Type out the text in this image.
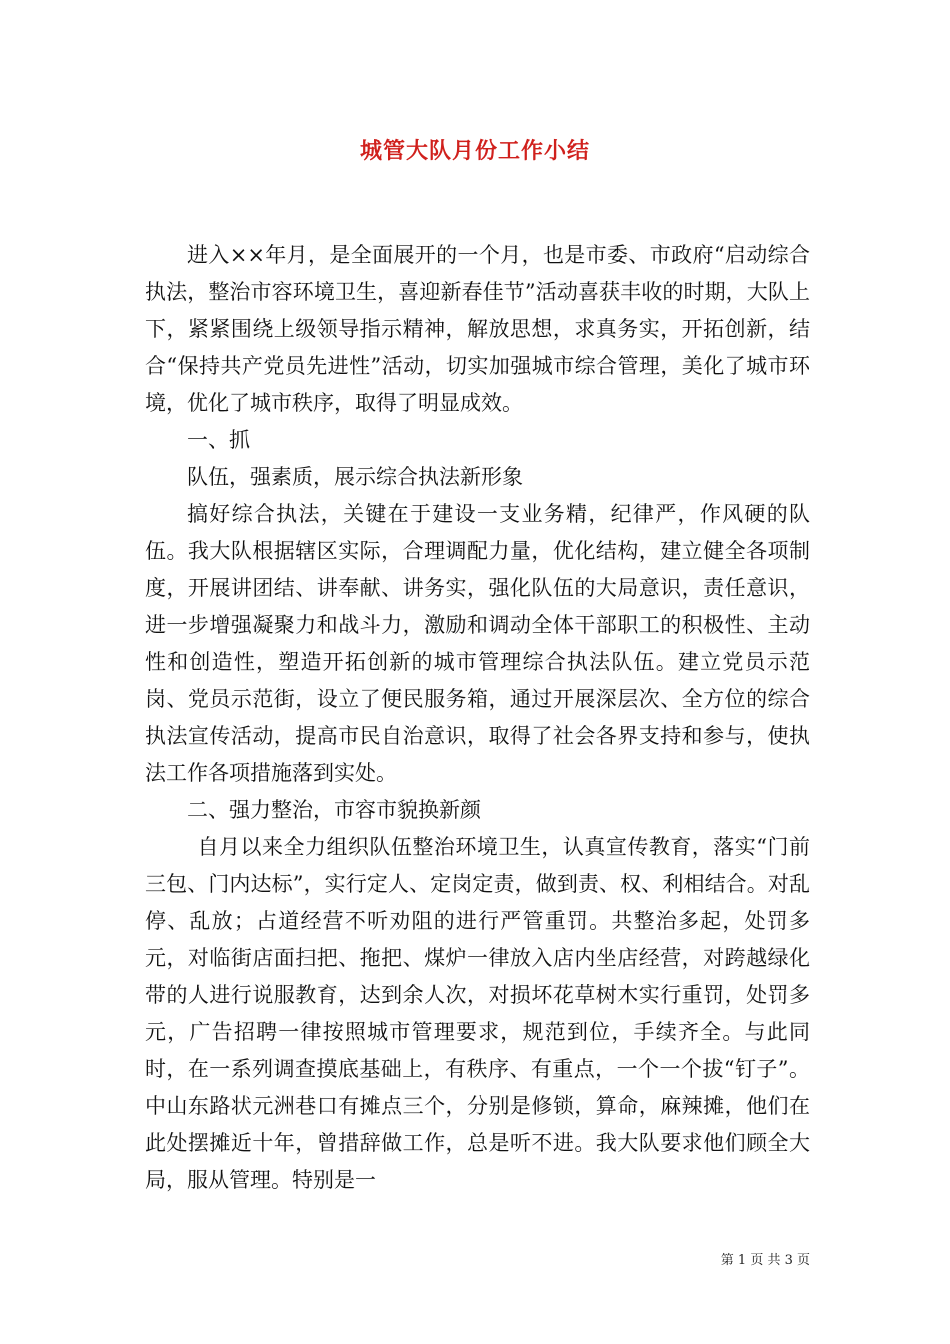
城管大队月份工作小结

进入××年月，是全面展开的一个月，也是市委、市政府“启动综合执法，整治市容环境卫生，喜迎新春佳节”活动喜获丰收的时期，大队上下，紧紧围绕上级领导指示精神，解放思想，求真务实，开拓创新，结合“保持共产党员先进性”活动，切实加强城市综合管理，美化了城市环境，优化了城市秩序，取得了明显成效。

一、抓

队伍，强素质，展示综合执法新形象

搞好综合执法，关键在于建设一支业务精，纪律严，作风硬的队伍。我大队根据辖区实际，合理调配力量，优化结构，建立健全各项制度，开展讲团结、讲奉献、讲务实，强化队伍的大局意识，责任意识，进一步增强凝聚力和战斗力，激励和调动全体干部职工的积极性、主动性和创造性，塑造开拓创新的城市管理综合执法队伍。建立党员示范岗、党员示范街，设立了便民服务箱，通过开展深层次、全方位的综合执法宣传活动，提高市民自治意识，取得了社会各界支持和参与，使执法工作各项措施落到实处。

二、强力整治，市容市貌换新颜

自月以来全力组织队伍整治环境卫生，认真宣传教育，落实“门前三包、门内达标”，实行定人、定岗定责，做到责、权、利相结合。对乱停、乱放；占道经营不听劝阻的进行严管重罚。共整治多起，处罚多元，对临街店面扫把、拖把、煤炉一律放入店内坐店经营，对跨越绿化带的人进行说服教育，达到余人次，对损坏花草树木实行重罚，处罚多元，广告招聘一律按照城市管理要求，规范到位，手续齐全。与此同时，在一系列调查摸底基础上，有秩序、有重点，一个一个拔“钉子”。中山东路状元洲巷口有摊点三个，分别是修锁，算命，麻辣摊，他们在此处摆摊近十年，曾措辞做工作，总是听不进。我大队要求他们顾全大局，服从管理。特别是一

第 1 页 共 3 页
